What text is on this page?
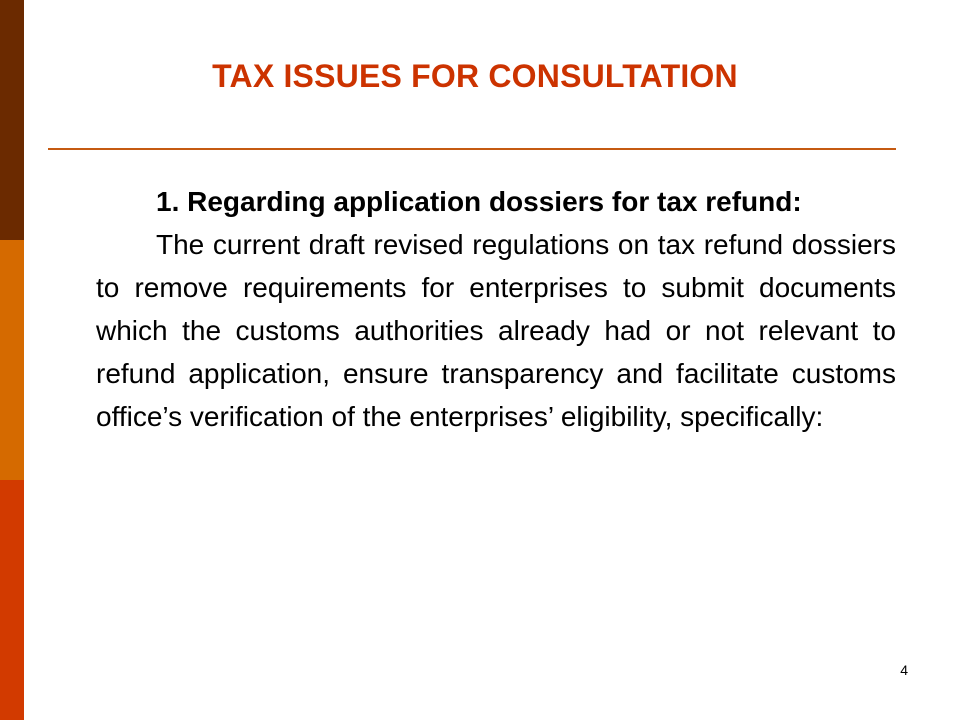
TAX ISSUES FOR CONSULTATION

1. Regarding application dossiers for tax refund:

The current draft revised regulations on tax refund dossiers to remove requirements for enterprises to submit documents which the customs authorities already had or not relevant to refund application, ensure transparency and facilitate customs office’s verification of the enterprises’ eligibility, specifically:

4
